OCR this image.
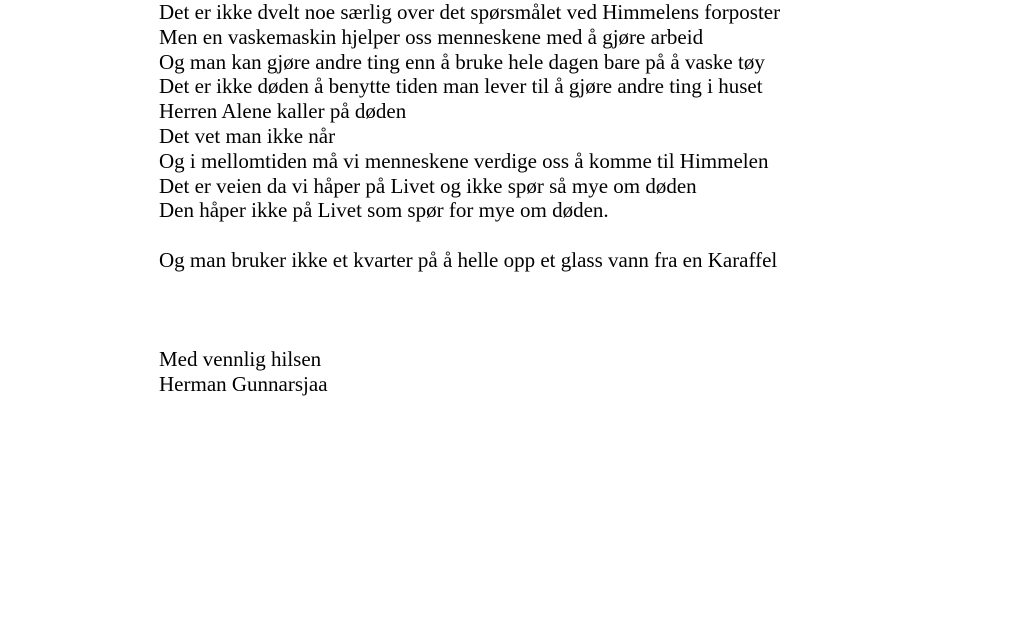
Det er ikke dvelt noe særlig over det spørsmålet ved Himmelens forposter
Men en vaskemaskin hjelper oss menneskene med å gjøre arbeid
Og man kan gjøre andre ting enn å bruke hele dagen bare på å vaske tøy
Det er ikke døden å benytte tiden man lever til å gjøre andre ting i huset
Herren Alene kaller på døden
Det vet man ikke når
Og i mellomtiden må vi menneskene verdige oss å komme til Himmelen
Det er veien da vi håper på Livet og ikke spør så mye om døden
Den håper ikke på Livet som spør for mye om døden.
Og man bruker ikke et kvarter på å helle opp et glass vann fra en Karaffel
Med vennlig hilsen
Herman Gunnarsjaa
